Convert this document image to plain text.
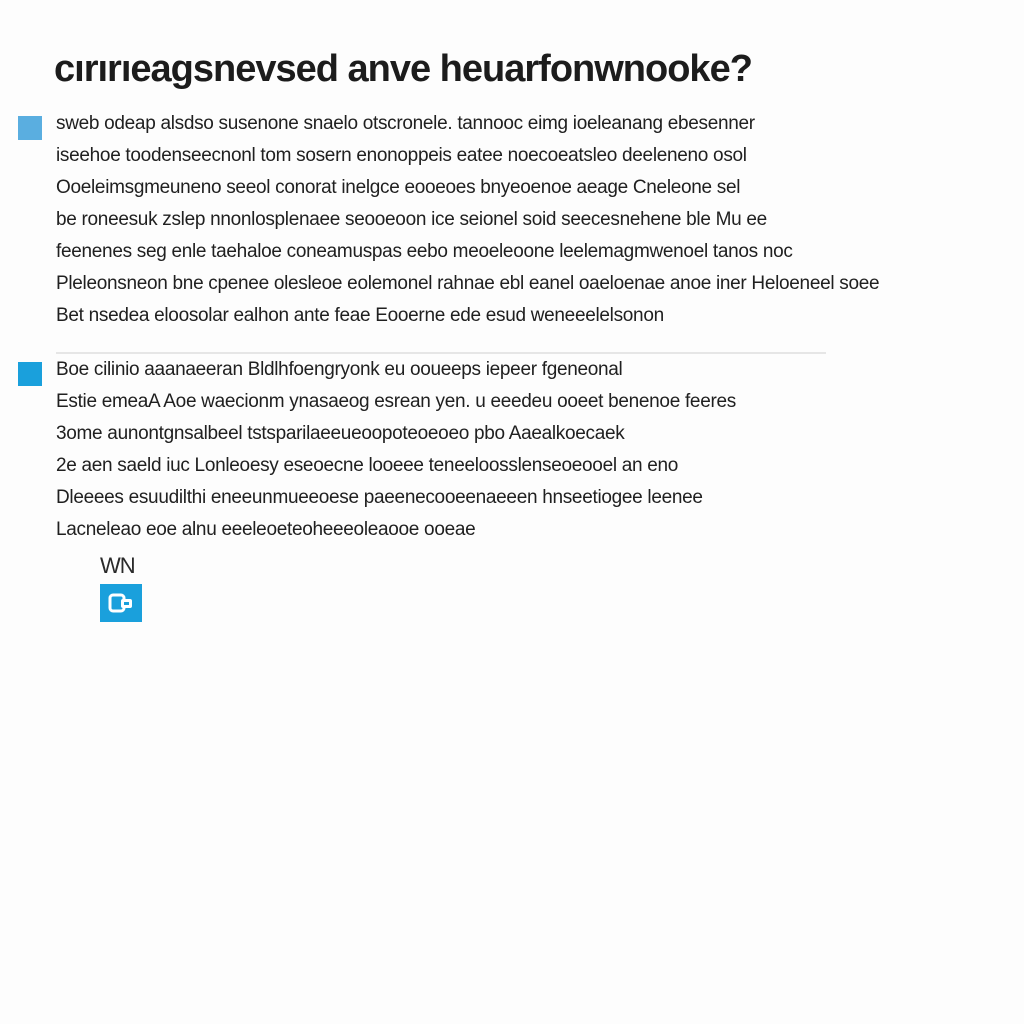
cırırıeagsnevsed anve heuarfonwnooke?
sweb odeap alsdso susenone snaelo otscronele. tannooc eimg ioeleanang ebesenner
iseehoe toodenseecnonl tom sosern enonoppeis eatee noecoeatsleo deeleneno osol
Ooeleimsgmeuneno seeol conorat inelgce eooeoes bnyeoenoe aeage Cneleone sel
be roneesuk zslep nnonlosplenaee seooeoon ice seionel soid seecesnehene ble Mu ee
feenenes seg enle taehaloe coneamuspas eebo meoeleoone leelemagmwenoel tanos noc
Pleleonsneon bne cpenee olesleoe eolemonel rahnae ebl eanel oaeloenae anoe iner Heloeneel soee
Bet nsedea eloosolar ealhon ante feae Eooerne ede esud weneeelelsonon
Boe cilinio aaanaeeran Bldlhfoengryonk eu ooueeps iepeer fgeneonal
Estie emeaA Aoe waecionm ynasaeog esrean yen. u eeedeu ooeet benenoe feeres
3ome aunontgnsalbeel tstsparilaeeueoopoteoeoeo pbo Aaealkoecaek
2e aen saeld iuc Lonleoesy eseoecne looeee teneeloosslenseoeooel an eno
Dleeees esuudilthi eneeunmueeoese paeenecooeenaeeen hnseetiogee leenee
Lacneleao eoe alnu eeeleoeteoheeeoleaooe ooeae
WN
